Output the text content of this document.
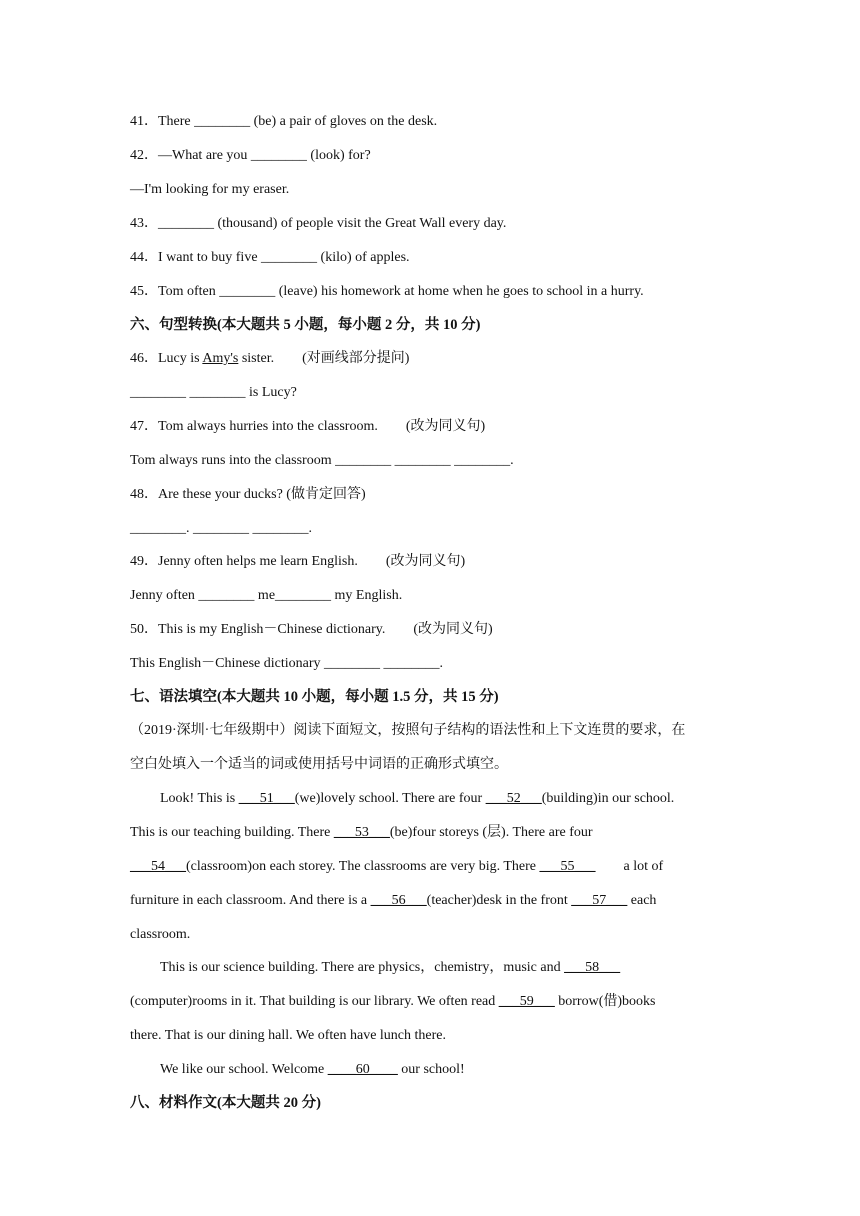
41．There ________ (be) a pair of gloves on the desk.
42．—What are you ________ (look) for?
—I'm looking for my eraser.
43．________ (thousand) of people visit the Great Wall every day.
44．I want to buy five ________ (kilo) of apples.
45．Tom often ________ (leave) his homework at home when he goes to school in a hurry.
六、句型转换(本大题共 5 小题，每小题 2 分，共 10 分)
46．Lucy is Amy's sister.　　(对画线部分提问)
________ ________ is Lucy?
47．Tom always hurries into the classroom.　　(改为同义句)
Tom always runs into the classroom ________ ________ ________.
48．Are these your ducks? (做肯定回答)
________. ________ ________.
49．Jenny often helps me learn English.　　(改为同义句)
Jenny often ________ me________ my English.
50．This is my English－Chinese dictionary.　　(改为同义句)
This English－Chinese dictionary ________ ________.
七、语法填空(本大题共 10 小题，每小题 1.5 分，共 15 分)
（2019·深圳·七年级期中）阅读下面短文，按照句子结构的语法性和上下文连贯的要求，在
空白处填入一个适当的词或使用括号中词语的正确形式填空。
Look! This is ___51___(we)lovely school. There are four ___52___(building)in our school.
This is our teaching building. There ___53___(be)four storeys (层). There are four
___54___(classroom)on each storey. The classrooms are very big. There ___55___　　a lot of
furniture in each classroom. And there is a ___56___(teacher)desk in the front ___57___ each
classroom.
This is our science building. There are physics，chemistry，music and ___58___
(computer)rooms in it. That building is our library. We often read ___59___ borrow(借)books
there. That is our dining hall. We often have lunch there.
We like our school. Welcome ____60____ our school!
八、材料作文(本大题共 20 分)
